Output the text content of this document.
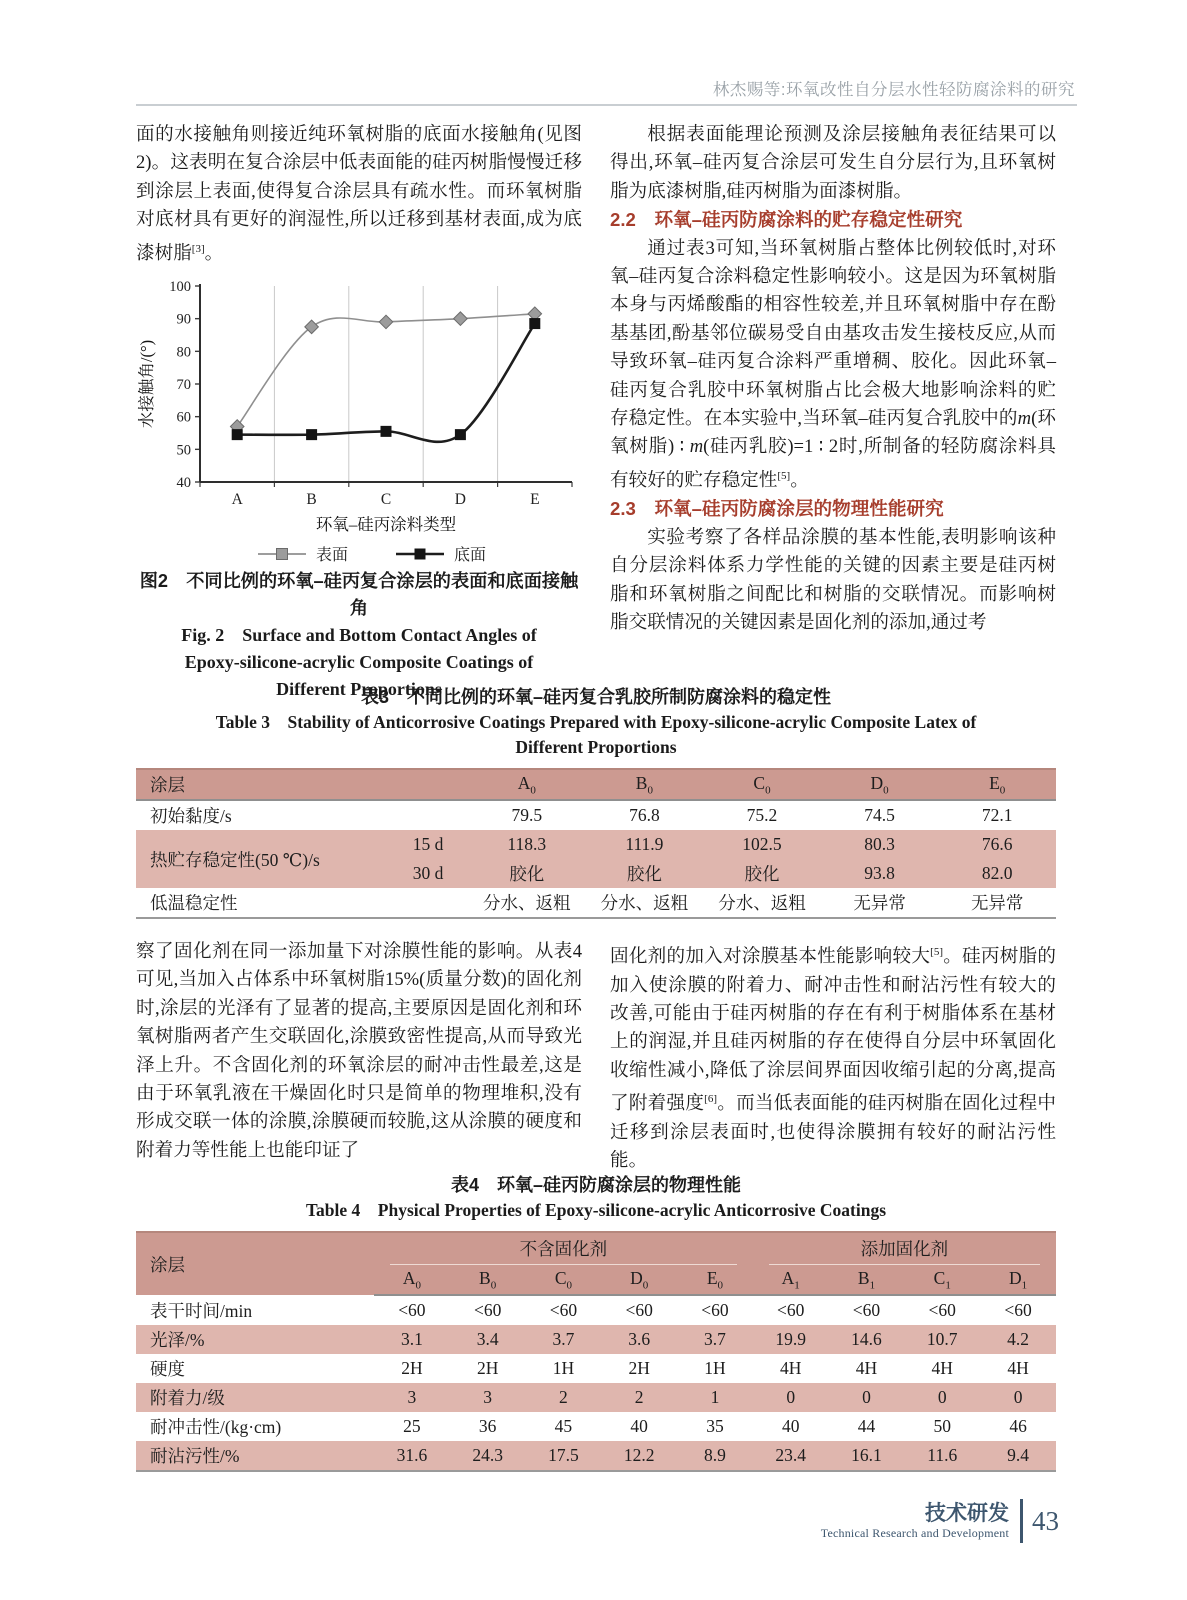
林杰赐等:环氧改性自分层水性轻防腐涂料的研究

面的水接触角则接近纯环氧树脂的底面水接触角(见图2)。这表明在复合涂层中低表面能的硅丙树脂慢慢迁移到涂层上表面,使得复合涂层具有疏水性。而环氧树脂对底材具有更好的润湿性,所以迁移到基材表面,成为底漆树脂[3]。

40
50
60
70
80
90
100
A	B	C	D	E
环氧–硅丙涂料类型
水接触角/(°)
表面	底面

图2　不同比例的环氧–硅丙复合涂层的表面和底面接触角

Fig. 2　Surface and Bottom Contact Angles of

Epoxy-silicone-acrylic Composite Coatings of

Different Proportions

根据表面能理论预测及涂层接触角表征结果可以得出,环氧–硅丙复合涂层可发生自分层行为,且环氧树脂为底漆树脂,硅丙树脂为面漆树脂。

2.2　环氧–硅丙防腐涂料的贮存稳定性研究

通过表3可知,当环氧树脂占整体比例较低时,对环氧–硅丙复合涂料稳定性影响较小。这是因为环氧树脂本身与丙烯酸酯的相容性较差,并且环氧树脂中存在酚基基团,酚基邻位碳易受自由基攻击发生接枝反应,从而导致环氧–硅丙复合涂料严重增稠、胶化。因此环氧–硅丙复合乳胶中环氧树脂占比会极大地影响涂料的贮存稳定性。在本实验中,当环氧–硅丙复合乳胶中的m(环氧树脂) ∶ m(硅丙乳胶)=1 ∶ 2时,所制备的轻防腐涂料具有较好的贮存稳定性[5]。

2.3　环氧–硅丙防腐涂层的物理性能研究

实验考察了各样品涂膜的基本性能,表明影响该种自分层涂料体系力学性能的关键的因素主要是硅丙树脂和环氧树脂之间配比和树脂的交联情况。而影响树脂交联情况的关键因素是固化剂的添加,通过考

表3　不同比例的环氧–硅丙复合乳胶所制防腐涂料的稳定性

Table 3　Stability of Anticorrosive Coatings Prepared with Epoxy-silicone-acrylic Composite Latex of Different Proportions

涂层		$A_0$	$B_0$	$C_0$	$D_0$	$E_0$
初始黏度/s		79.5	76.8	75.2	74.5	72.1
热贮存稳定性(50 ℃)/s	15 d	118.3	111.9	102.5	80.3	76.6
	30 d	胶化	胶化	胶化	93.8	82.0
低温稳定性		分水、返粗	分水、返粗	分水、返粗	无异常	无异常

察了固化剂在同一添加量下对涂膜性能的影响。从表4可见,当加入占体系中环氧树脂15%(质量分数)的固化剂时,涂层的光泽有了显著的提高,主要原因是固化剂和环氧树脂两者产生交联固化,涂膜致密性提高,从而导致光泽上升。不含固化剂的环氧涂层的耐冲击性最差,这是由于环氧乳液在干燥固化时只是简单的物理堆积,没有形成交联一体的涂膜,涂膜硬而较脆,这从涂膜的硬度和附着力等性能上也能印证了

固化剂的加入对涂膜基本性能影响较大[5]。硅丙树脂的加入使涂膜的附着力、耐冲击性和耐沾污性有较大的改善,可能由于硅丙树脂的存在有利于树脂体系在基材上的润湿,并且硅丙树脂的存在使得自分层中环氧固化收缩性减小,降低了涂层间界面因收缩引起的分离,提高了附着强度[6]。而当低表面能的硅丙树脂在固化过程中迁移到涂层表面时,也使得涂膜拥有较好的耐沾污性能。

表4　环氧–硅丙防腐涂层的物理性能

Table 4　Physical Properties of Epoxy-silicone-acrylic Anticorrosive Coatings

涂层	不含固化剂					添加固化剂			

	$A_0$	$B_0$	$C_0$	$D_0$	$E_0$	$A_1$	$B_1$	$C_1$	$D_1$
表干时间/min	<60	<60	<60	<60	<60	<60	<60	<60	<60
光泽/%	3.1	3.4	3.7	3.6	3.7	19.9	14.6	10.7	4.2
硬度	2H	2H	1H	2H	1H	4H	4H	4H	4H
附着力/级	3	3	2	2	1	0	0	0	0
耐冲击性/(kg·cm)	25	36	45	40	35	40	44	50	46
耐沾污性/%	31.6	24.3	17.5	12.2	8.9	23.4	16.1	11.6	9.4
技术研发
Technical Research and Development 43
